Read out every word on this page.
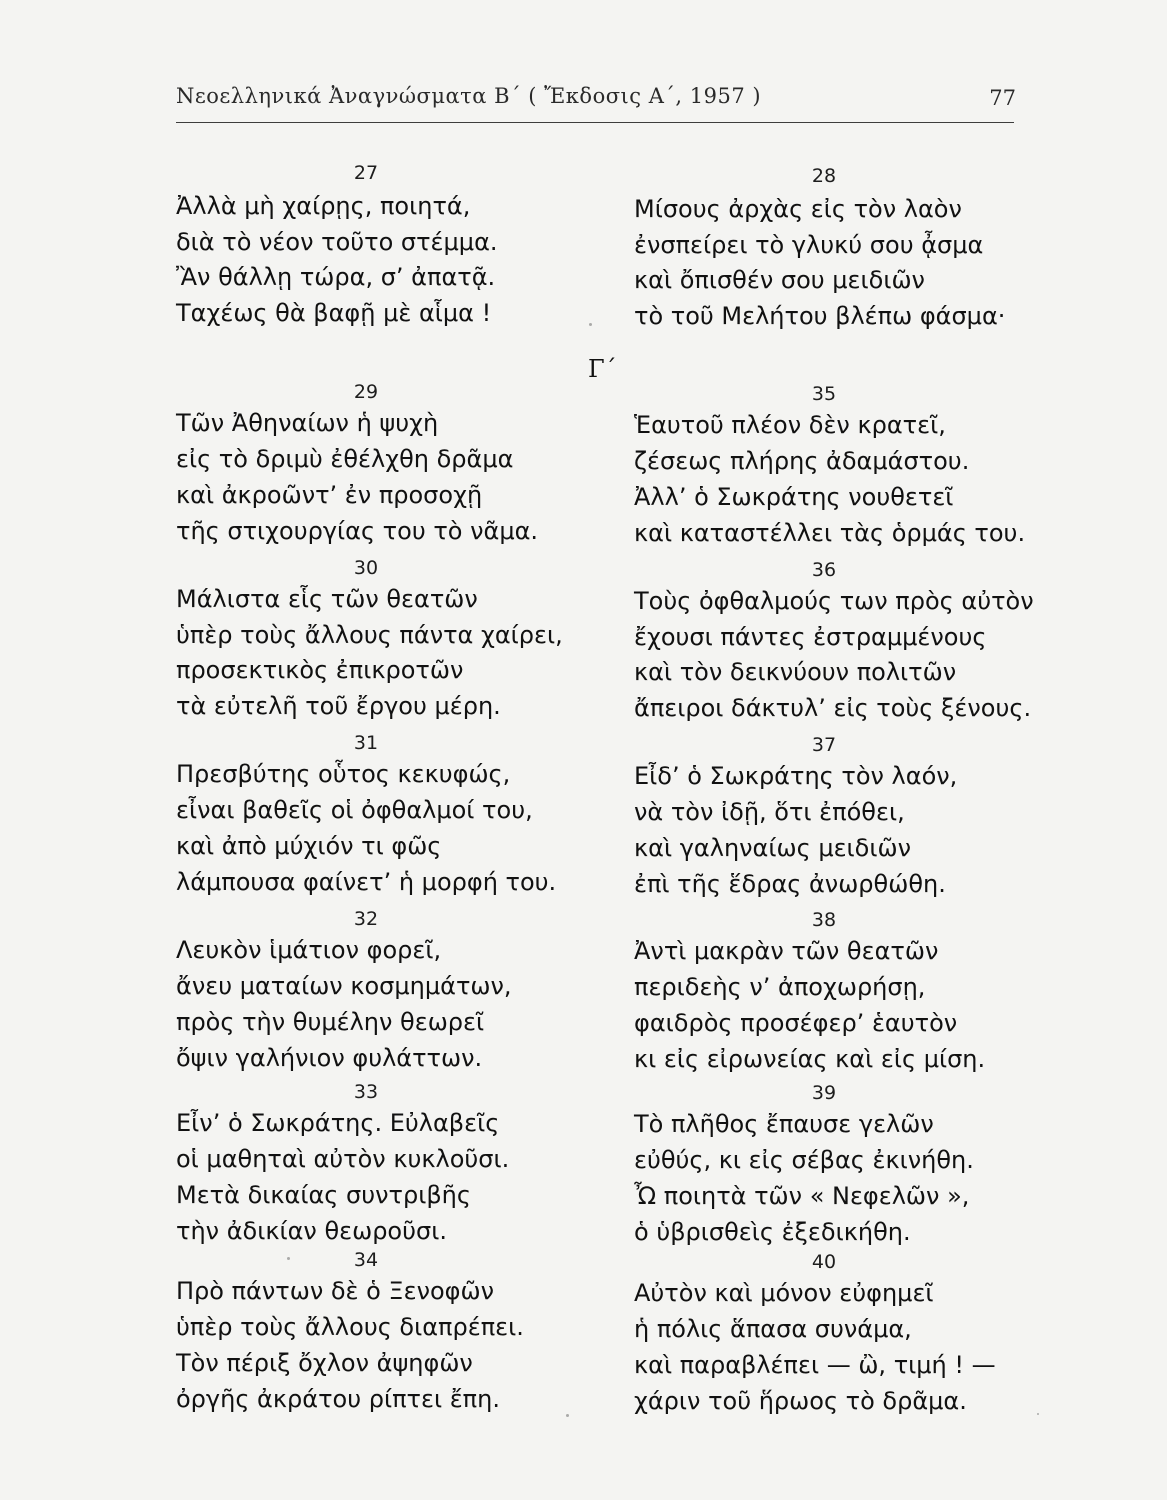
Νεοελληνικά Ἀναγνώσματα Β΄ ( Ἔκδοσις Α΄, 1957 )	77
Γ΄
27
Ἀλλὰ μὴ χαίρῃς, ποιητά,
διὰ τὸ νέον τοῦτο στέμμα.
Ἂν θάλλῃ τώρα, σ’ ἀπατᾷ.
Ταχέως θὰ βαφῇ μὲ αἷμα !
29
Τῶν Ἀθηναίων ἡ ψυχὴ
εἰς τὸ δριμὺ ἐθέλχθη δρᾶμα
καὶ ἀκροῶντ’ ἐν προσοχῇ
τῆς στιχουργίας του τὸ νᾶμα.
30
Μάλιστα εἷς τῶν θεατῶν
ὑπὲρ τοὺς ἄλλους πάντα χαίρει,
προσεκτικὸς ἐπικροτῶν
τὰ εὐτελῆ τοῦ ἔργου μέρη.
31
Πρεσβύτης οὗτος κεκυφώς,
εἶναι βαθεῖς οἱ ὀφθαλμοί του,
καὶ ἀπὸ μύχιόν τι φῶς
λάμπουσα φαίνετ’ ἡ μορφή του.
32
Λευκὸν ἱμάτιον φορεῖ,
ἄνευ ματαίων κοσμημάτων,
πρὸς τὴν θυμέλην θεωρεῖ
ὄψιν γαλήνιον φυλάττων.
33
Εἶν’ ὁ Σωκράτης. Εὐλαβεῖς
οἱ μαθηταὶ αὐτὸν κυκλοῦσι.
Μετὰ δικαίας συντριβῆς
τὴν ἀδικίαν θεωροῦσι.
34
Πρὸ πάντων δὲ ὁ Ξενοφῶν
ὑπὲρ τοὺς ἄλλους διαπρέπει.
Τὸν πέριξ ὄχλον ἀψηφῶν
ὀργῆς ἀκράτου ρίπτει ἔπη.
28
Μίσους ἀρχὰς εἰς τὸν λαὸν
ἐνσπείρει τὸ γλυκύ σου ᾆσμα
καὶ ὄπισθέν σου μειδιῶν
τὸ τοῦ Μελήτου βλέπω φάσμα·
35
Ἑαυτοῦ πλέον δὲν κρατεῖ,
ζέσεως πλήρης ἀδαμάστου.
Ἀλλ’ ὁ Σωκράτης νουθετεῖ
καὶ καταστέλλει τὰς ὁρμάς του.
36
Τοὺς ὀφθαλμούς των πρὸς αὐτὸν
ἔχουσι πάντες ἐστραμμένους
καὶ τὸν δεικνύουν πολιτῶν
ἄπειροι δάκτυλ’ εἰς τοὺς ξένους.
37
Εἶδ’ ὁ Σωκράτης τὸν λαόν,
νὰ τὸν ἰδῇ, ὅτι ἐπόθει,
καὶ γαληναίως μειδιῶν
ἐπὶ τῆς ἕδρας ἀνωρθώθη.
38
Ἀντὶ μακρὰν τῶν θεατῶν
περιδεὴς ν’ ἀποχωρήσῃ,
φαιδρὸς προσέφερ’ ἑαυτὸν
κι εἰς εἰρωνείας καὶ εἰς μίση.
39
Τὸ πλῆθος ἔπαυσε γελῶν
εὐθύς, κι εἰς σέβας ἐκινήθη.
Ὦ ποιητὰ τῶν « Νεφελῶν »,
ὁ ὑβρισθεὶς ἐξεδικήθη.
40
Αὐτὸν καὶ μόνον εὐφημεῖ
ἡ πόλις ἅπασα συνάμα,
καὶ παραβλέπει — ὢ, τιμή ! —
χάριν τοῦ ἥρωος τὸ δρᾶμα.
